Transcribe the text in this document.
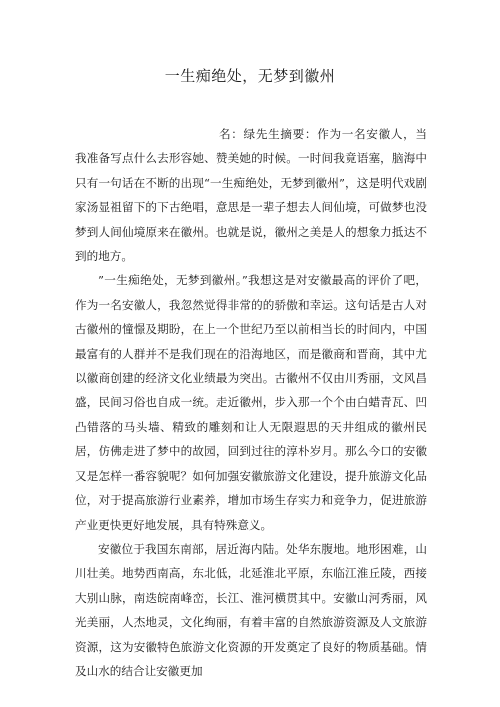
一生痴绝处，无梦到徽州

名：绿先生摘要：作为一名安徽人，当我准备写点什么去形容她、赞美她的时候。一时间我竟语塞，脑海中只有一句话在不断的出现“一生痴绝处，无梦到徽州”，这是明代戏剧家汤显祖留下的下古绝唱，意思是一辈子想去人间仙境，可做梦也没梦到人间仙境原来在徽州。也就是说，徽州之美是人的想象力抵达不到的地方。

”一生痴绝处，无梦到徽州。”我想这是对安徽最高的评价了吧，作为一名安徽人，我忽然觉得非常的的骄傲和幸运。这句话是古人对古徽州的憧憬及期盼，在上一个世纪乃至以前相当长的时间内，中国最富有的人群并不是我们现在的沿海地区，而是徽商和晋商，其中尤以徽商创建的经济文化业绩最为突出。古徽州不仅由川秀丽，文风昌盛，民间习俗也自成一统。走近徽州，步入那一个个由白蜡青瓦、凹凸错落的马头墙、精致的雕刻和让人无限遐思的天井组成的徽州民居，仿佛走进了梦中的故园，回到过往的淳朴岁月。那么今口的安徽又是怎样一番容貌呢？如何加强安徽旅游文化建设，提升旅游文化品位，对于提高旅游行业素养，增加市场生存实力和竞争力，促进旅游产业更快更好地发展，具有特殊意义。

安徽位于我国东南部，居近海内陆。处华东腹地。地形困难，山川壮美。地势西南高，东北低，北延淮北平原，东临江淮丘陵，西接大别山脉，南迭皖南峰峦，长江、淮河横贯其中。安徽山河秀丽，风光美丽，人杰地灵，文化绚丽，有着丰富的自然旅游资源及人文旅游资源，这为安徽特色旅游文化资源的开发奠定了良好的物质基础。情及山水的结合让安徽更加
